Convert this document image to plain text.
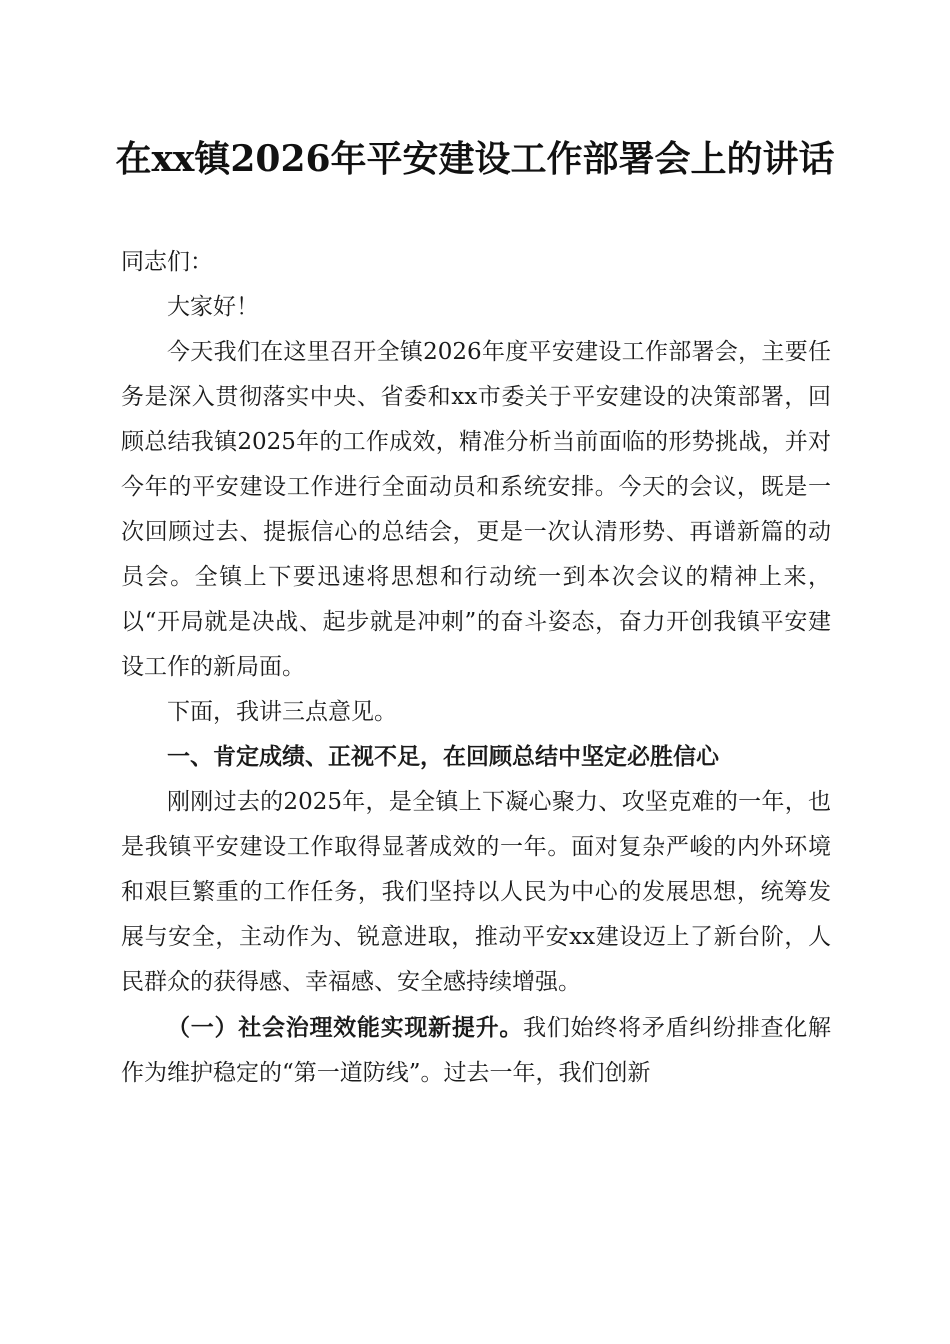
在xx镇2026年平安建设工作部署会上的讲话

同志们：

大家好！

今天我们在这里召开全镇2026年度平安建设工作部署会，主要任务是深入贯彻落实中央、省委和xx市委关于平安建设的决策部署，回顾总结我镇2025年的工作成效，精准分析当前面临的形势挑战，并对今年的平安建设工作进行全面动员和系统安排。今天的会议，既是一次回顾过去、提振信心的总结会，更是一次认清形势、再谱新篇的动员会。全镇上下要迅速将思想和行动统一到本次会议的精神上来，以“开局就是决战、起步就是冲刺”的奋斗姿态，奋力开创我镇平安建设工作的新局面。

下面，我讲三点意见。

一、肯定成绩、正视不足，在回顾总结中坚定必胜信心

刚刚过去的2025年，是全镇上下凝心聚力、攻坚克难的一年，也是我镇平安建设工作取得显著成效的一年。面对复杂严峻的内外环境和艰巨繁重的工作任务，我们坚持以人民为中心的发展思想，统筹发展与安全，主动作为、锐意进取，推动平安xx建设迈上了新台阶，人民群众的获得感、幸福感、安全感持续增强。

（一）社会治理效能实现新提升。我们始终将矛盾纠纷排查化解作为维护稳定的“第一道防线”。过去一年，我们创新
